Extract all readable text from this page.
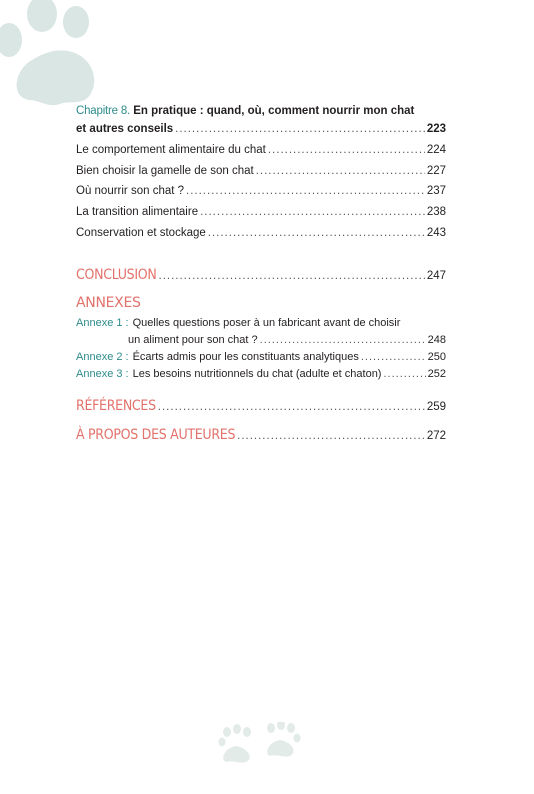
Chapitre 8. En pratique : quand, où, comment nourrir mon chat
et autres conseils .....	223
Le comportement alimentaire du chat .....	224
Bien choisir la gamelle de son chat .....	227
Où nourrir son chat ? .....	237
La transition alimentaire .....	238
Conservation et stockage .....	243
CONCLUSION .....	247
ANNEXES
Annexe 1 : Quelles questions poser à un fabricant avant de choisir
un aliment pour son chat ? .....	248
Annexe 2 : Écarts admis pour les constituants analytiques .....	250
Annexe 3 : Les besoins nutritionnels du chat (adulte et chaton) .....	252
RÉFÉRENCES .....	259
À PROPOS DES AUTEURES .....	272
